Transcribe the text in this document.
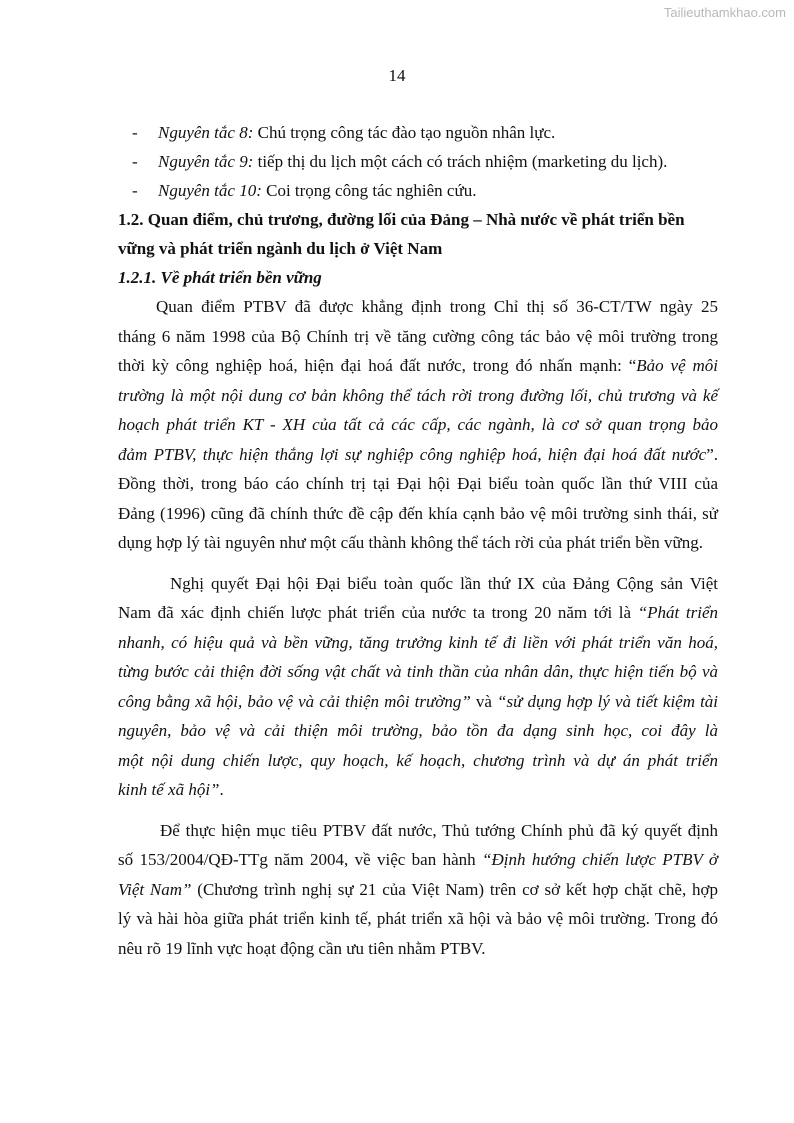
Tailieuthamkhao.com
14
- Nguyên tắc 8: Chú trọng công tác đào tạo nguồn nhân lực.
- Nguyên tắc 9: tiếp thị du lịch một cách có trách nhiệm (marketing du lịch).
- Nguyên tắc 10: Coi trọng công tác nghiên cứu.
1.2. Quan điểm, chủ trương, đường lối của Đảng – Nhà nước về phát triển bền
vững và phát triển ngành du lịch ở Việt Nam
1.2.1. Về phát triển bền vững
Quan điểm PTBV đã được khẳng định trong Chỉ thị số 36-CT/TW ngày 25
tháng 6 năm 1998 của Bộ Chính trị về tăng cường công tác bảo vệ môi trường trong
thời kỳ công nghiệp hoá, hiện đại hoá đất nước, trong đó nhấn mạnh: “Bảo vệ môi
trường là một nội dung cơ bản không thể tách rời trong đường lối, chủ trương và kế
hoạch phát triển KT - XH của tất cả các cấp, các ngành, là cơ sở quan trọng bảo
đảm PTBV, thực hiện thắng lợi sự nghiệp công nghiệp hoá, hiện đại hoá đất nước”.
Đồng thời, trong báo cáo chính trị tại Đại hội Đại biểu toàn quốc lần thứ VIII của
Đảng (1996) cũng đã chính thức đề cập đến khía cạnh bảo vệ môi trường sinh thái, sử
dụng hợp lý tài nguyên như một cấu thành không thể tách rời của phát triển bền vững.
Nghị quyết Đại hội Đại biểu toàn quốc lần thứ IX của Đảng Cộng sản Việt
Nam đã xác định chiến lược phát triển của nước ta trong 20 năm tới là “Phát triển
nhanh, có hiệu quả và bền vững, tăng trưởng kinh tế đi liền với phát triển văn hoá,
từng bước cải thiện đời sống vật chất và tinh thần của nhân dân, thực hiện tiến bộ và
công bằng xã hội, bảo vệ và cải thiện môi trường” và “sử dụng hợp lý và tiết kiệm tài
nguyên, bảo vệ và cải thiện môi trường, bảo tồn đa dạng sinh học, coi đây là
một nội dung chiến lược, quy hoạch, kế hoạch, chương trình và dự án phát triển
kinh tế xã hội”.
Để thực hiện mục tiêu PTBV đất nước, Thủ tướng Chính phủ đã ký quyết định
số 153/2004/QĐ-TTg năm 2004, về việc ban hành “Định hướng chiến lược PTBV ở
Việt Nam” (Chương trình nghị sự 21 của Việt Nam) trên cơ sở kết hợp chặt chẽ, hợp
lý và hài hòa giữa phát triển kinh tế, phát triển xã hội và bảo vệ môi trường. Trong đó
nêu rõ 19 lĩnh vực hoạt động cần ưu tiên nhằm PTBV.
